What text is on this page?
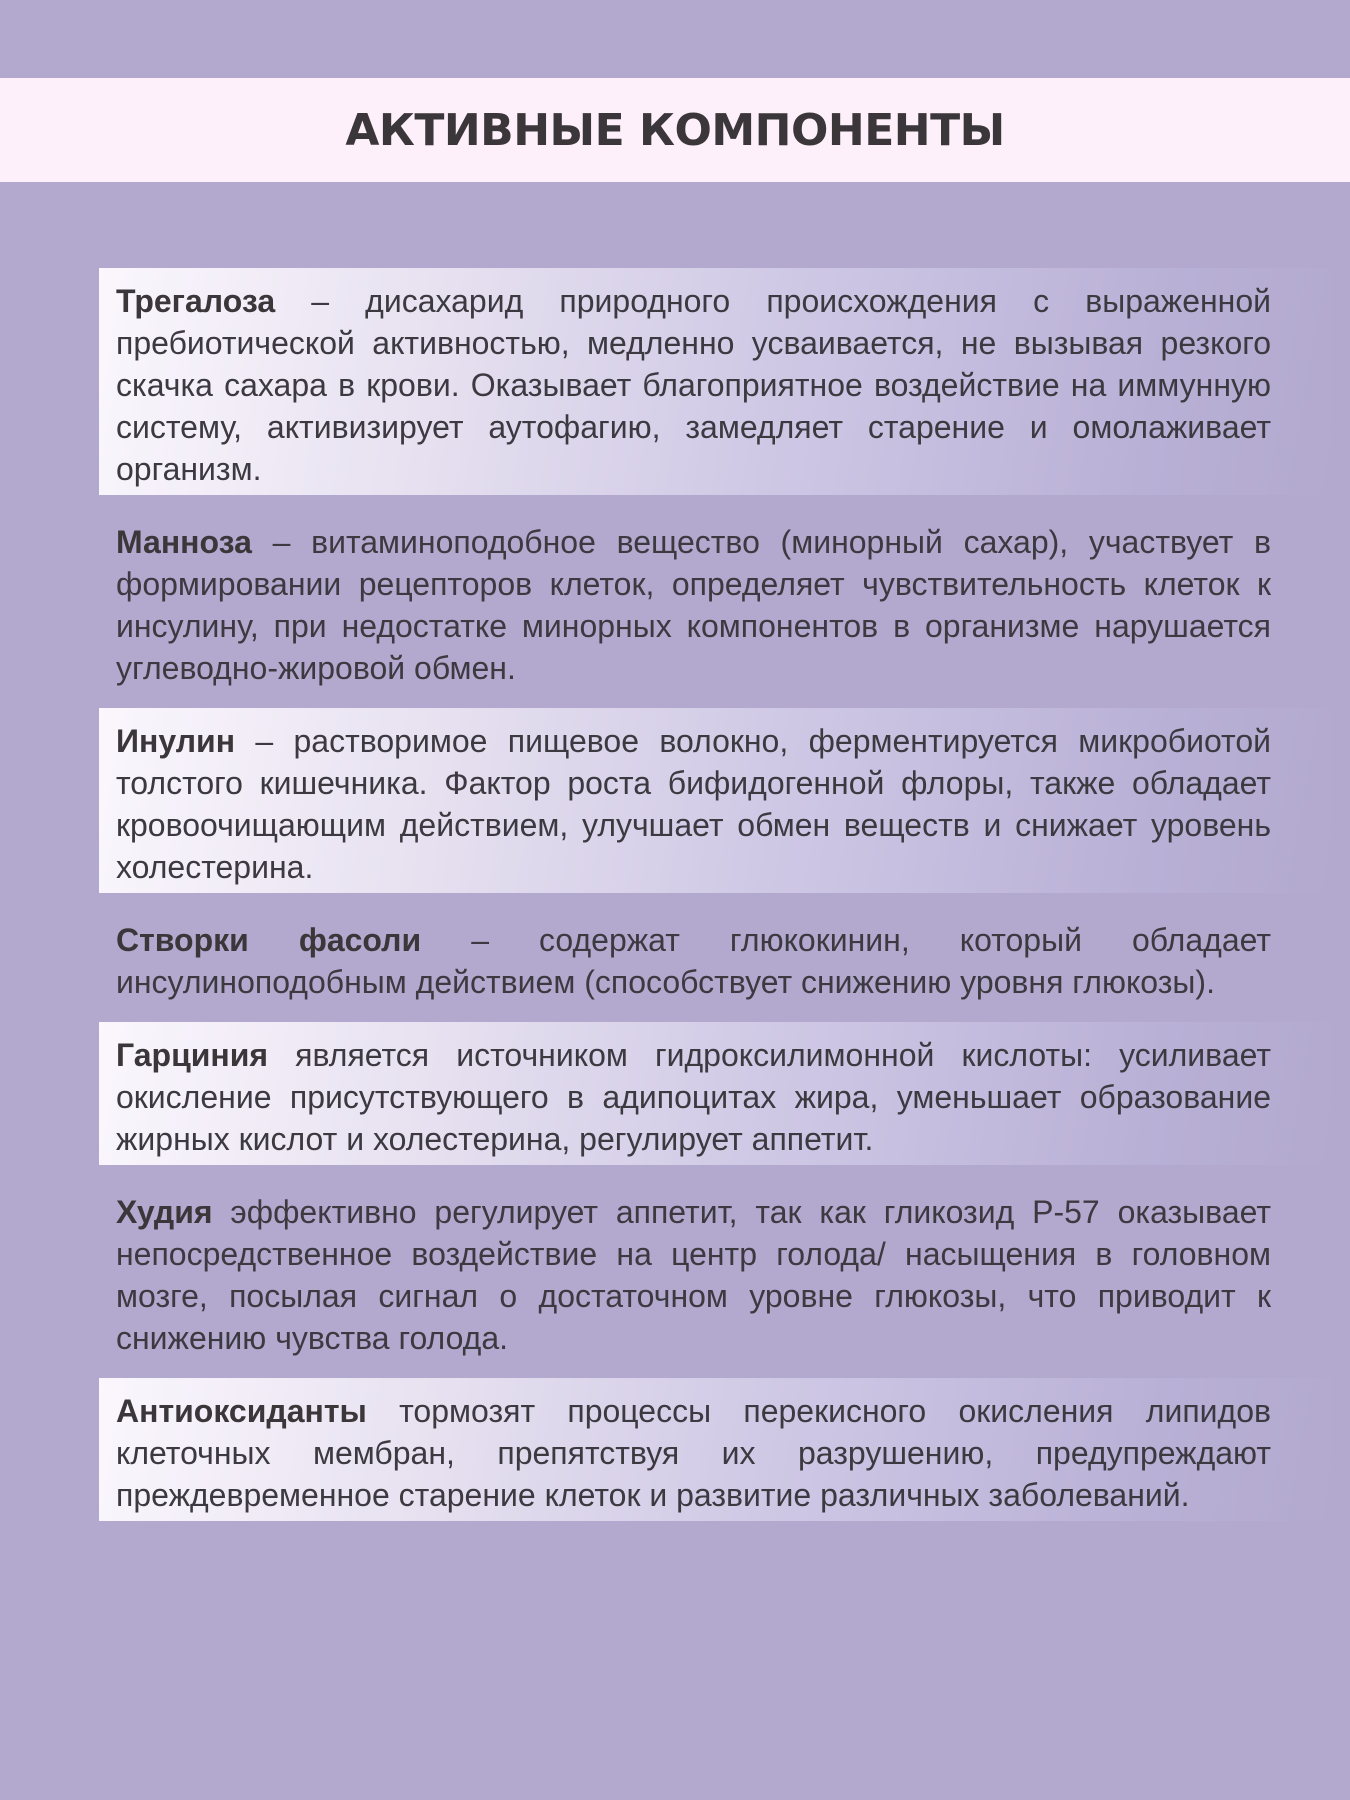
АКТИВНЫЕ КОМПОНЕНТЫ
Трегалоза – дисахарид природного происхождения с выраженной пребиотической активностью, медленно усваивается, не вызывая резкого скачка сахара в крови. Оказывает благоприятное воздействие на иммунную систему, активизирует аутофагию, замедляет старение и омолаживает организм.
Манноза – витаминоподобное вещество (минорный сахар), участвует в формировании рецепторов клеток, определяет чувствительность клеток к инсулину, при недостатке минорных компонентов в организме нарушается углеводно-жировой обмен.
Инулин – растворимое пищевое волокно, ферментируется микробиотой толстого кишечника. Фактор роста бифидогенной флоры, также обладает кровоочищающим действием, улучшает обмен веществ и снижает уровень холестерина.
Створки фасоли – содержат глюкокинин, который обладает инсулиноподобным действием (способствует снижению уровня глюкозы).
Гарциния является источником гидроксилимонной кислоты: усиливает окисление присутствующего в адипоцитах жира, уменьшает образование жирных кислот и холестерина, регулирует аппетит.
Худия эффективно регулирует аппетит, так как гликозид Р-57 оказывает непосредственное воздействие на центр голода/ насыщения в головном мозге, посылая сигнал о достаточном уровне глюкозы, что приводит к снижению чувства голода.
Антиоксиданты тормозят процессы перекисного окисления липидов клеточных мембран, препятствуя их разрушению, предупреждают преждевременное старение клеток и развитие различных заболеваний.
